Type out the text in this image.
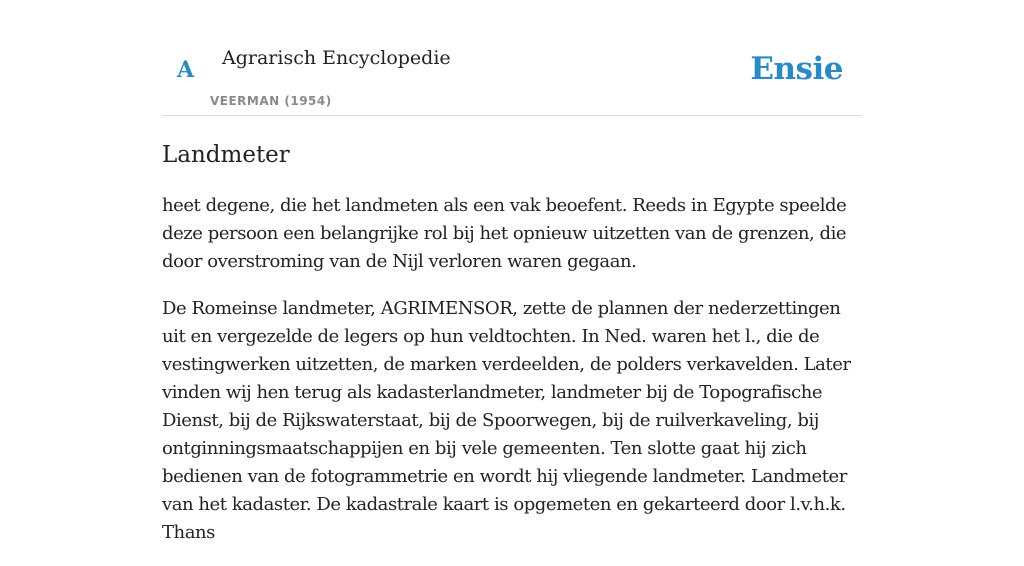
A Agrarisch Encyclopedie
VEERMAN (1954)
Ensie
Landmeter

heet degene, die het landmeten als een vak beoefent. Reeds in Egypte speelde deze persoon een belangrijke rol bij het opnieuw uitzetten van de grenzen, die door overstroming van de Nijl verloren waren gegaan.

De Romeinse landmeter, AGRIMENSOR, zette de plannen der nederzettingen uit en vergezelde de legers op hun veldtochten. In Ned. waren het l., die de vestingwerken uitzetten, de marken verdeelden, de polders verkavelden. Later vinden wij hen terug als kadasterlandmeter, landmeter bij de Topografische Dienst, bij de Rijkswaterstaat, bij de Spoorwegen, bij de ruilverkaveling, bij ontginningsmaatschappijen en bij vele gemeenten. Ten slotte gaat hij zich bedienen van de fotogrammetrie en wordt hij vliegende landmeter. Landmeter van het kadaster. De kadastrale kaart is opgemeten en gekarteerd door l.v.h.k. Thans
